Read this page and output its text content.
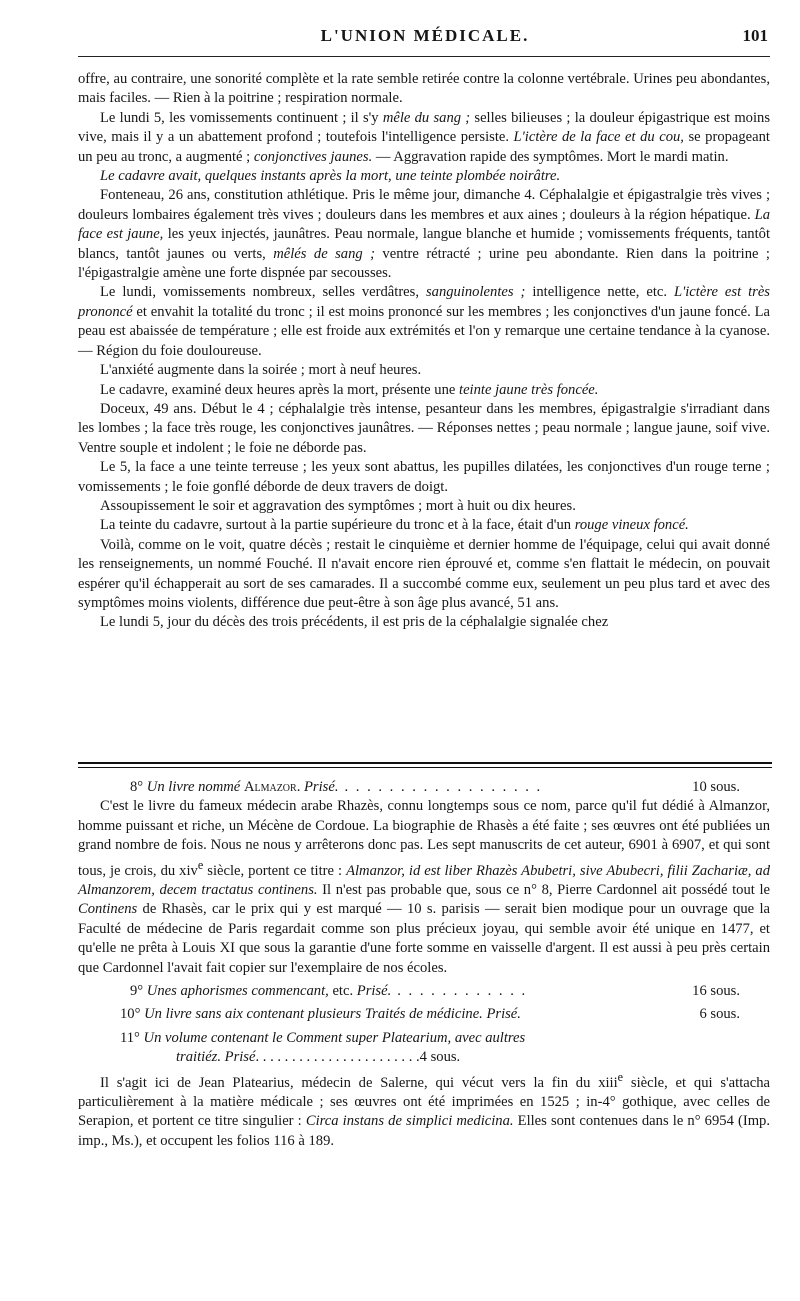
L'UNION MÉDICALE.	101

offre, au contraire, une sonorité complète et la rate semble retirée contre la colonne vertébrale. Urines peu abondantes, mais faciles. — Rien à la poitrine ; respiration normale.

Le lundi 5, les vomissements continuent ; il s'y mêle du sang ; selles bilieuses ; la douleur épigastrique est moins vive, mais il y a un abattement profond ; toutefois l'intelligence persiste. L'ictère de la face et du cou, se propageant un peu au tronc, a augmenté ; conjonctives jaunes. — Aggravation rapide des symptômes. Mort le mardi matin.

Le cadavre avait, quelques instants après la mort, une teinte plombée noirâtre.

Fonteneau, 26 ans, constitution athlétique. Pris le même jour, dimanche 4. Céphalalgie et épigastralgie très vives ; douleurs lombaires également très vives ; douleurs dans les membres et aux aines ; douleurs à la région hépatique. La face est jaune, les yeux injectés, jaunâtres. Peau normale, langue blanche et humide ; vomissements fréquents, tantôt blancs, tantôt jaunes ou verts, mêlés de sang ; ventre rétracté ; urine peu abondante. Rien dans la poitrine ; l'épigastralgie amène une forte dispnée par secousses.

Le lundi, vomissements nombreux, selles verdâtres, sanguinolentes ; intelligence nette, etc. L'ictère est très prononcé et envahit la totalité du tronc ; il est moins prononcé sur les membres ; les conjonctives d'un jaune foncé. La peau est abaissée de température ; elle est froide aux extrémités et l'on y remarque une certaine tendance à la cyanose. — Région du foie douloureuse.

L'anxiété augmente dans la soirée ; mort à neuf heures.

Le cadavre, examiné deux heures après la mort, présente une teinte jaune très foncée.

Doceux, 49 ans. Début le 4 ; céphalalgie très intense, pesanteur dans les membres, épigastralgie s'irradiant dans les lombes ; la face très rouge, les conjonctives jaunâtres. — Réponses nettes ; peau normale ; langue jaune, soif vive. Ventre souple et indolent ; le foie ne déborde pas.

Le 5, la face a une teinte terreuse ; les yeux sont abattus, les pupilles dilatées, les conjonctives d'un rouge terne ; vomissements ; le foie gonflé déborde de deux travers de doigt.

Assoupissement le soir et aggravation des symptômes ; mort à huit ou dix heures.

La teinte du cadavre, surtout à la partie supérieure du tronc et à la face, était d'un rouge vineux foncé.

Voilà, comme on le voit, quatre décès ; restait le cinquième et dernier homme de l'équipage, celui qui avait donné les renseignements, un nommé Fouché. Il n'avait encore rien éprouvé et, comme s'en flattait le médecin, on pouvait espérer qu'il échapperait au sort de ses camarades. Il a succombé comme eux, seulement un peu plus tard et avec des symptômes moins violents, différence due peut-être à son âge plus avancé, 51 ans.

Le lundi 5, jour du décès des trois précédents, il est pris de la céphalalgie signalée chez

8°
Un livre nommé
Almazor.
Prisé. . . . . . . . . . . . . . . . . . .	10 sous.

C'est le livre du fameux médecin arabe Rhazès, connu longtemps sous ce nom, parce qu'il fut dédié à Almanzor, homme puissant et riche, un Mécène de Cordoue. La biographie de Rhasès a été faite ; ses œuvres ont été publiées un grand nombre de fois. Nous ne nous y arrêterons donc pas. Les sept manuscrits de cet auteur, 6901 à 6907, et qui sont tous, je crois, du xiv$^e$ siècle, portent ce titre : Almanzor, id est liber Rhazès Abubetri, sive Abubecri, filii Zachariæ, ad Almanzorem, decem tractatus continens. Il n'est pas probable que, sous ce n° 8, Pierre Cardonnel ait possédé tout le Continens de Rhasès, car le prix qui y est marqué — 10 s. parisis — serait bien modique pour un ouvrage que la Faculté de médecine de Paris regardait comme son plus précieux joyau, qui semble avoir été unique en 1477, et qu'elle ne prêta à Louis XI que sous la garantie d'une forte somme en vaisselle d'argent. Il est aussi à peu près certain que Cardonnel l'avait fait copier sur l'exemplaire de nos écoles.

9°
Unes aphorismes commencant,
etc.
Prisé. . . . . . . . . . . . .	16 sous.
10°
Un livre sans aix contenant plusieurs Traités de médicine.
Prisé.	6 sous.
11° Un volume contenant le Comment super Platearium, avec aultres
traitiéz.
Prisé . . . . . . . . . . . . . . . . . . . . . . . 4 sous.

Il s'agit ici de Jean Platearius, médecin de Salerne, qui vécut vers la fin du xiii$^e$ siècle, et qui s'attacha particulièrement à la matière médicale ; ses œuvres ont été imprimées en 1525 ; in-4° gothique, avec celles de Serapion, et portent ce titre singulier : Circa instans de simplici medicina. Elles sont contenues dans le n° 6954 (Imp. imp., Ms.), et occupent les folios 116 à 189.
